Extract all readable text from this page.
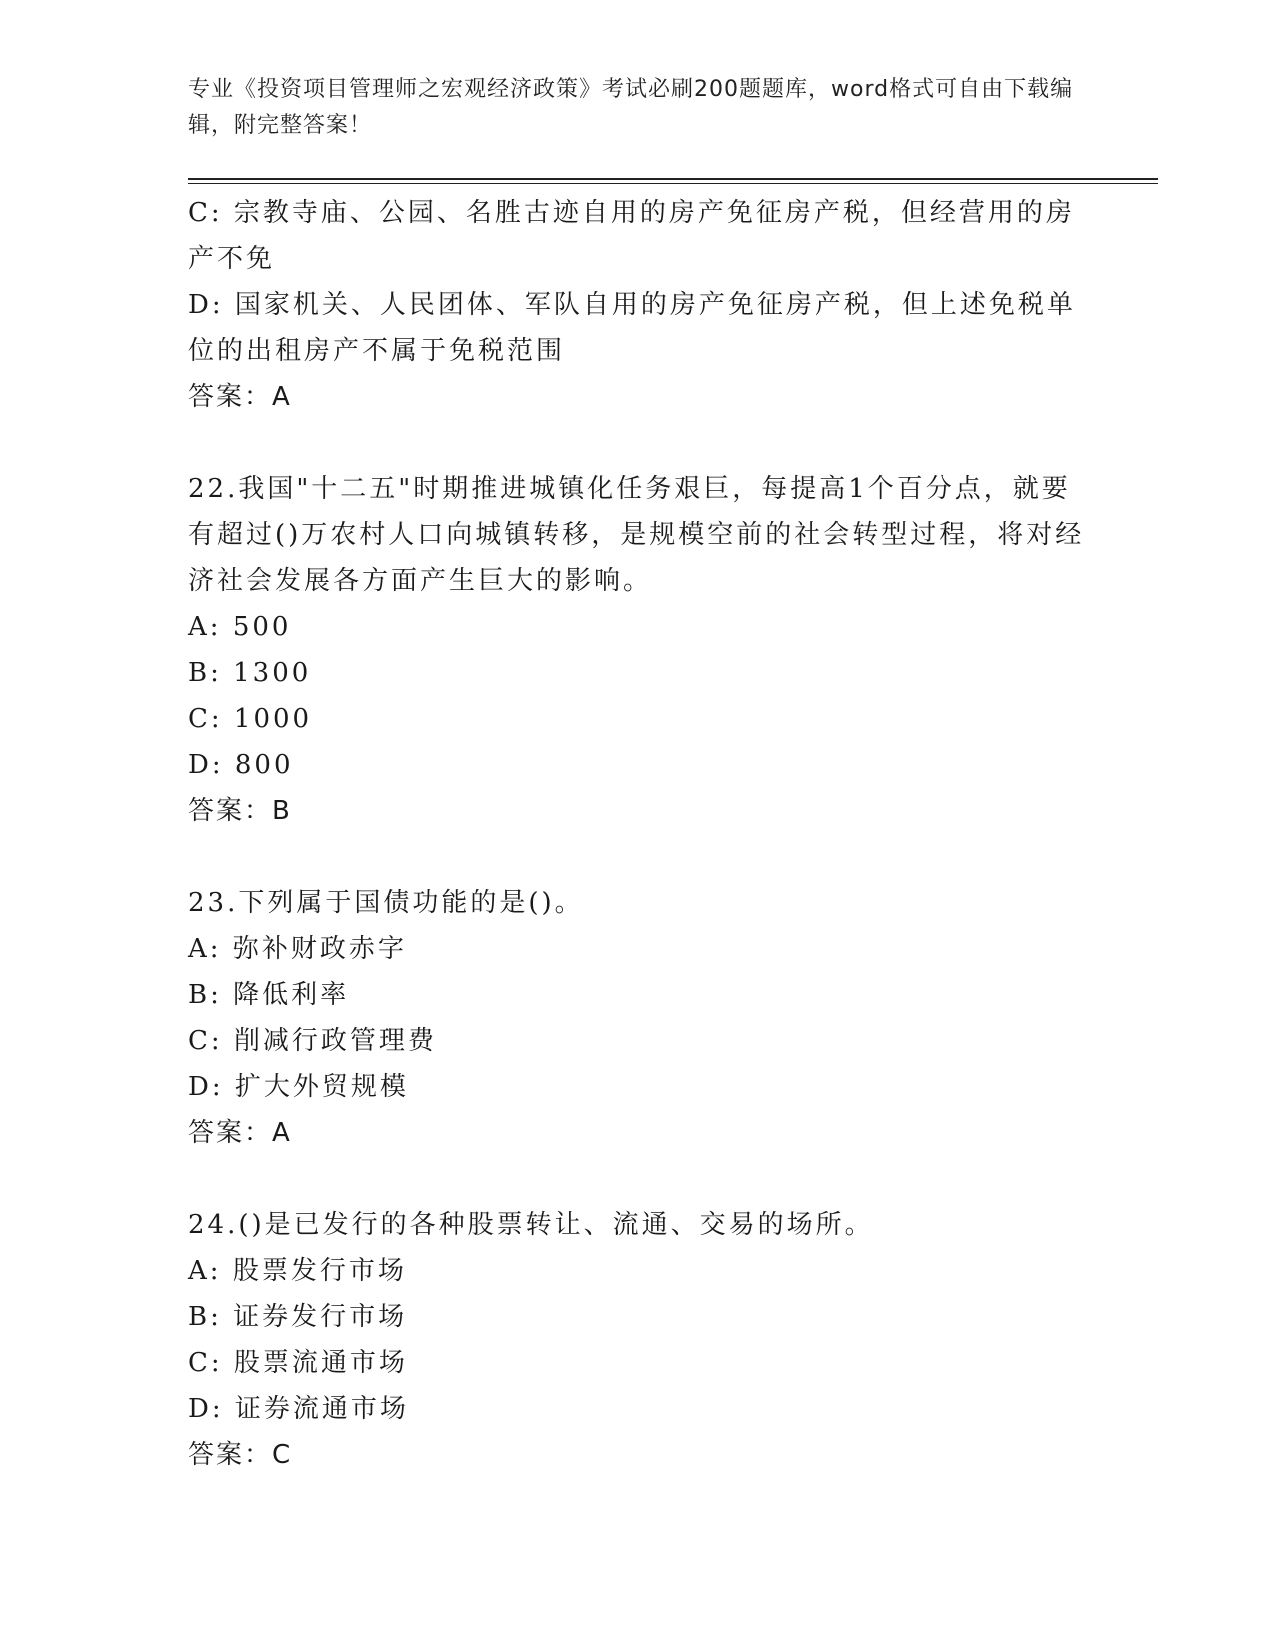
专业《投资项目管理师之宏观经济政策》考试必刷200题题库，word格式可自由下载编辑，附完整答案！
C: 宗教寺庙、公园、名胜古迹自用的房产免征房产税，但经营用的房产不免
D: 国家机关、人民团体、军队自用的房产免征房产税，但上述免税单位的出租房产不属于免税范围
答案：A
22.我国"十二五"时期推进城镇化任务艰巨，每提高1个百分点，就要有超过()万农村人口向城镇转移，是规模空前的社会转型过程，将对经济社会发展各方面产生巨大的影响。
A: 500
B: 1300
C: 1000
D: 800
答案：B
23.下列属于国债功能的是()。
A: 弥补财政赤字
B: 降低利率
C: 削减行政管理费
D: 扩大外贸规模
答案：A
24.()是已发行的各种股票转让、流通、交易的场所。
A: 股票发行市场
B: 证券发行市场
C: 股票流通市场
D: 证券流通市场
答案：C
